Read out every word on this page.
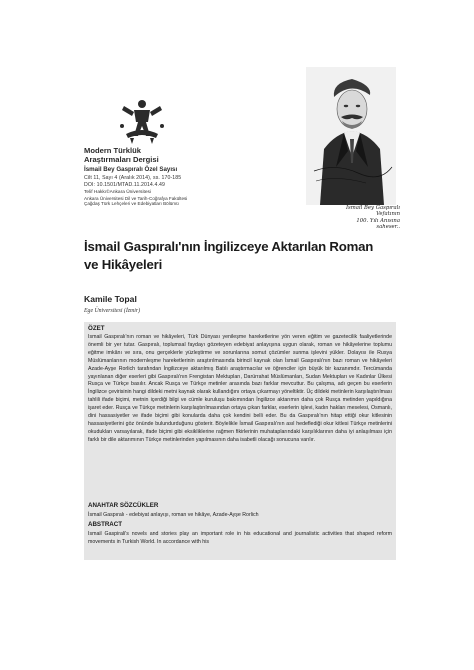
Modern Türklük
Araştırmaları Dergisi
İsmail Bey Gaspıralı Özel Sayısı
Cilt 11, Sayı 4 (Aralık 2014), ss. 170-185
DOI: 10.1501/MTAD.11.2014.4.49
Telif Hakkı©Ankara Üniversitesi
Ankara Üniversitesi Dil ve Tarih-Coğrafya Fakültesi
Çağdaş Türk Lehçeleri ve Edebiyatları Bölümü
İsmail Bey Gaspıralı
Vefatının
100. Yılı Anısına
saheser..
İsmail Gaspıralı'nın İngilizceye Aktarılan Roman
ve Hikâyeleri
Kamile Topal
Ege Üniversitesi (İzmir)
ÖZET
İsmail Gaspıralı'nın roman ve hikâyeleri, Türk Dünyası yenileşme hareketlerine yön veren eğitim ve gazetecilik faaliyetlerinde önemli bir yer tutar. Gaspıralı, toplumsal faydayı gözeteyen edebiyat anlayışına uygun olarak, roman ve hikâyelerine toplumu eğitme imkânı ve sıra, onu gerçeklerle yüzleştirme ve sorunlarına somut çözümler sunma işlevini yükler. Dolayısı ile Rusya Müslümanlarının modernleşme hareketlerinin araştırılmasında birincil kaynak olan İsmail Gaspıralı'nın bazı roman ve hikâyeleri Azade-Ayşe Rorlich tarafından İngilizceye aktarılmış Batılı araştırmacılar ve öğrenciler için büyük bir kazanımdır. Tercümanda yayınlanan diğer eserleri gibi Gaspıralı'nın Frengistan Mektupları, Darürrahat Müslümanları, Sudan Mektupları ve Kadınlar Ülkesi Rusça ve Türkçe basılır. Ancak Rusça ve Türkçe metinler arasında bazı farklar mevcuttur. Bu çalışma, adı geçen bu eserlerin İngilizce çevirisinin hangi dildeki metni kaynak olarak kullandığını ortaya çıkarmayı yöneltiktir. Üç dildeki metinlerin karşılaştırılması tahlili ifade biçimi, metnin içerdiği bilgi ve cümle kuruluşu bakımından İngilizce aktarımın daha çok Rusça metinden yapıldığına işaret eder. Rusça ve Türkçe metinlerin karşılaştırılmasından ortaya çıkan farklar, eserlerin işlevi, kadın hakları meselesi, Osmanlı, dini hassasiyetler ve ifade biçimi gibi konularda daha çok kendini belli eder. Bu da Gaspıralı'nın hitap ettiği okur kitlesinin hassasiyetlerini göz önünde bulundurduğunu gösterir. Böylelikle İsmail Gaspıralı'nın asıl hedeflediği okur kitlesi Türkçe metinlerini okudukları varsayılarak, ifade biçimi gibi eksikliklerine rağmen fikirlerinin muhataplarındaki karşılıklarının daha iyi anlaşılması için farklı bir dile aktarımının Türkçe metinlerinden yapılmasının daha isabetli olacağı sonucuna varılır.
ANAHTAR SÖZCÜKLER
İsmail Gaspıralı - edebiyat anlayışı, roman ve hikâye, Azade-Ayşe Rorlich
ABSTRACT
Ismail Gaspirali's novels and stories play an important role in his educational and journalistic activities that shaped reform movements in Turkish World. In accordance with his
